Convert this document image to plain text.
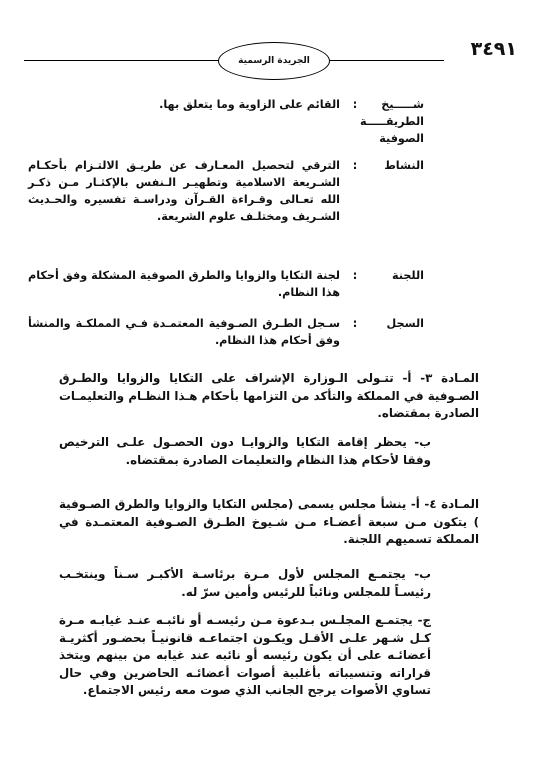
٣٤٩١
الجريدة الرسمية
شـــــيخ الطريقـــــة الصوفية
:
القائم على الزاوية وما يتعلق بها.
النشاط
:
الترقي لتحصيل المعـارف عن طريـق الالتـزام بأحكـام الشـريعة الاسلامية وتطهيـر الـنفس بالإكثـار مـن ذكـر الله تعـالى وقـراءة القـرآن ودراسـة تفسيره والحـديث الشـريف ومختلـف علوم الشريعة.
اللجنة
:
لجنة التكايا والزوايا والطرق الصوفية المشكلة وفق أحكام هذا النظام.
السجل
:
سـجل الطـرق الصـوفية المعتمـدة فـي المملكـة والمنشأ وفق أحكام هذا النظام.
المـادة ٣- أ- تتـولى الـوزارة الإشراف على التكايا والزوايا والطـرق الصـوفية في المملكة والتأكد من التزامها بأحكام هـذا النظـام والتعليمـات الصادرة بمقتضاه.
ب- يحظر إقامة التكايا والزوايـا دون الحصـول علـى الترخيص وفقا لأحكام هذا النظام والتعليمات الصادرة بمقتضاه.
المـادة ٤- أ- ينشأ مجلس يسمى (مجلس التكايا والزوايا والطرق الصـوفية ) يتكون مـن سبعة أعضـاء مـن شـيوخ الطـرق الصـوفية المعتمـدة في المملكة تسميهم اللجنة.
ب- يجتمـع المجلس لأول مـرة برئاسـة الأكبـر سـناً وينتخـب رئيسـاً للمجلس ونائباً للرئيس وأمين سرّ له.
ج- يجتمـع المجلـس بـدعوة مـن رئيسـه أو نائبـه عنـد غيابـه مـرة كـل شـهر علـى الأقـل ويكـون اجتماعـه قانونيـاً بحضـور أكثريـة أعضائـه على أن يكون رئيسه أو نائبه عند غيابه من بينهم ويتخذ قراراته وتنسيباته بأغلبية أصوات أعضائـه الحاضرين وفي حال تساوي الأصوات يرجح الجانب الذي صوت معه رئيس الاجتماع.
